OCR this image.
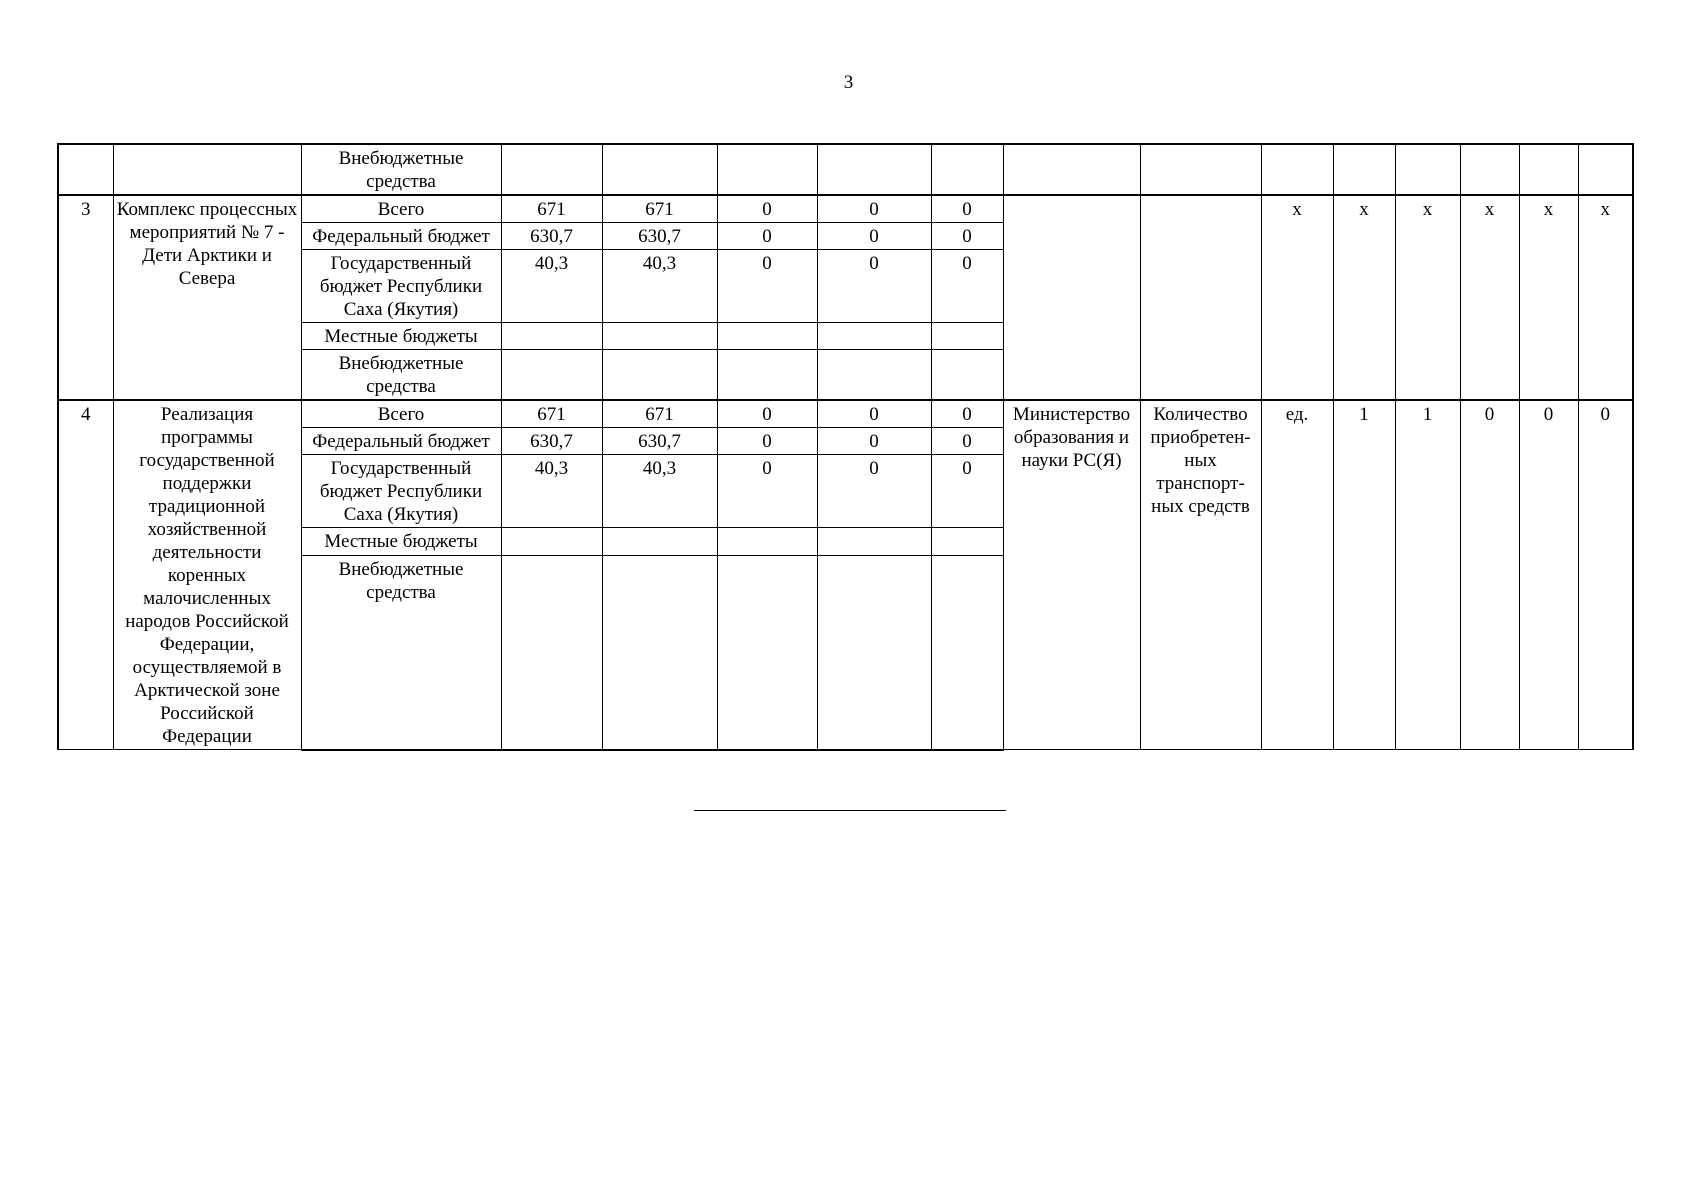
3
		Внебюджетные средства													
3	Комплекс процессных мероприятий № 7 - Дети Арктики и Севера	Всего	671	671	0	0	0			х	х	х	х	х	х
		Федеральный бюджет	630,7	630,7	0	0	0								
		Государственный бюджет Республики Саха (Якутия)	40,3	40,3	0	0	0								
		Местные бюджеты													
		Внебюджетные средства													
4	Реализация программы государственной поддержки традиционной хозяйственной деятельности коренных малочисленных народов Российской Федерации, осуществляемой в Арктической зоне Российской Федерации	Всего	671	671	0	0	0	Министерство образования и науки РС(Я)	Количество приобретен-ных транспорт-ных средств	ед.	1	1	0	0	0
		Федеральный бюджет	630,7	630,7	0	0	0								
		Государственный бюджет Республики Саха (Якутия)	40,3	40,3	0	0	0								
		Местные бюджеты													
		Внебюджетные средства													
